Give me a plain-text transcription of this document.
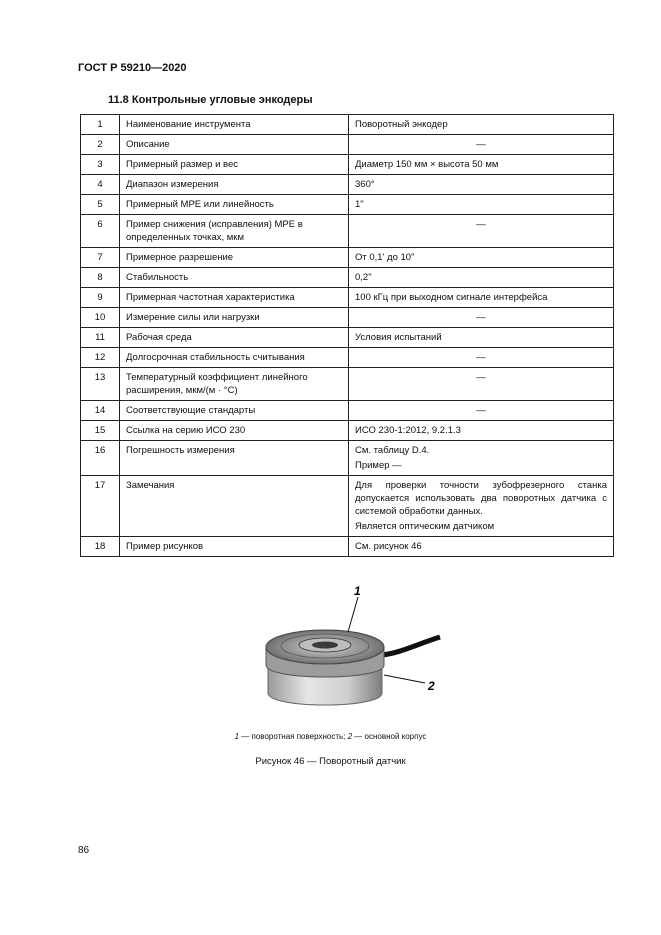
ГОСТ Р 59210—2020
11.8 Контрольные угловые энкодеры
1	Наименование инструмента	Поворотный энкодер

2	Описание	—

3	Примерный размер и вес	Диаметр 150 мм × высота 50 мм

4	Диапазон измерения	360°

5	Примерный MPE или линейность	1"

6	Пример снижения (исправления) MPE в определенных точках, мкм	—

7	Примерное разрешение	От 0,1' до 10"

8	Стабильность	0,2"

9	Примерная частотная характеристика	100 кГц при выходном сигнале интерфейса

10	Измерение силы или нагрузки	—

11	Рабочая среда	Условия испытаний

12	Долгосрочная стабильность считывания	—

13	Температурный коэффициент линейного расширения, мкм/(м · °С)	—

14	Соответствующие стандарты	—

15	Ссылка на серию ИСО 230	ИСО 230-1:2012, 9.2.1.3

16	Погрешность измерения	См. таблицу D.4.
Пример —

17	Замечания	Для проверки точности зубофрезерного станка допускается использовать два поворотных датчика с системой обработки данных.
Является оптическим датчиком

18	Пример рисунков	См. рисунок 46
1
2
1 — поворотная поверхность; 2 — основной корпус
Рисунок 46 — Поворотный датчик
86
